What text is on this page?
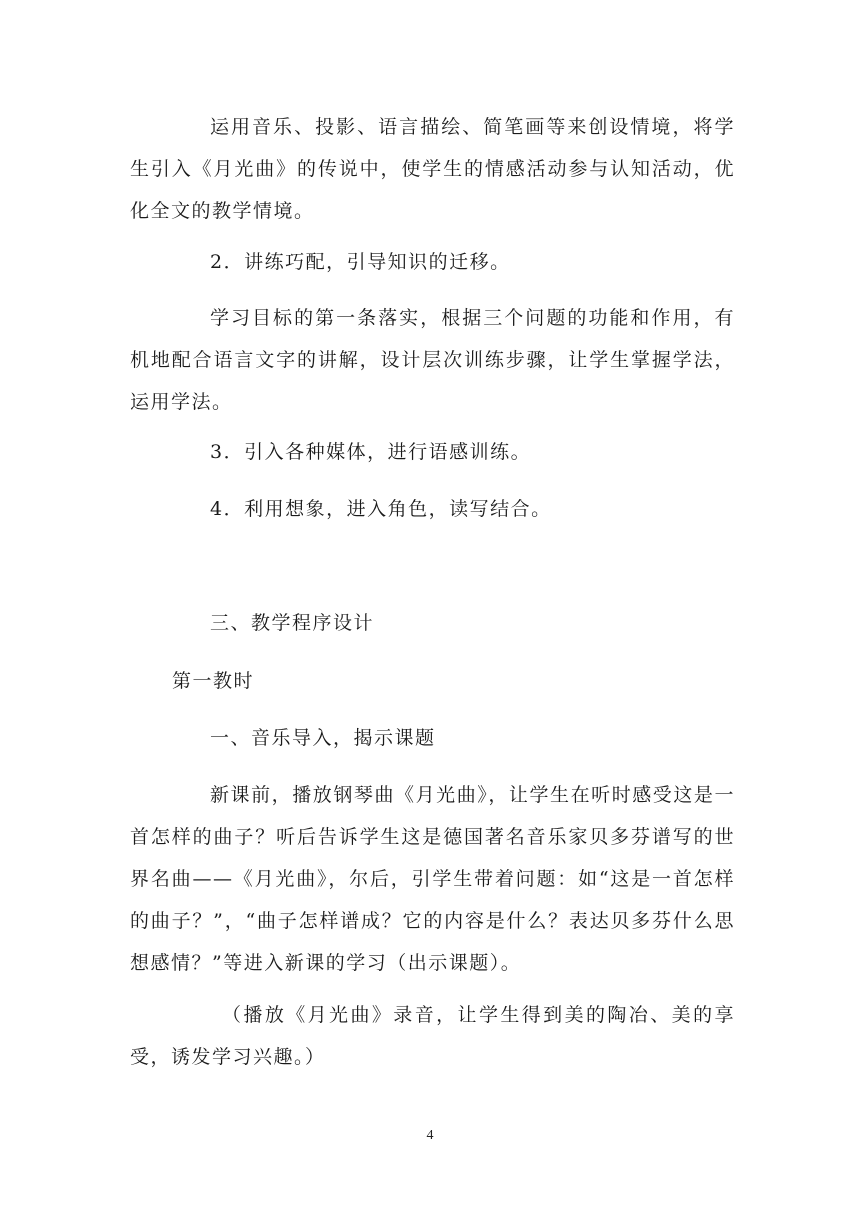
运用音乐、投影、语言描绘、简笔画等来创设情境，将学生引入《月光曲》的传说中，使学生的情感活动参与认知活动，优化全文的教学情境。

2．讲练巧配，引导知识的迁移。

学习目标的第一条落实，根据三个问题的功能和作用，有机地配合语言文字的讲解，设计层次训练步骤，让学生掌握学法，运用学法。

3．引入各种媒体，进行语感训练。

4．利用想象，进入角色，读写结合。

三、教学程序设计

第一教时

一、音乐导入，揭示课题

新课前，播放钢琴曲《月光曲》，让学生在听时感受这是一首怎样的曲子？听后告诉学生这是德国著名音乐家贝多芬谱写的世界名曲——《月光曲》，尔后，引学生带着问题：如“这是一首怎样的曲子？”，“曲子怎样谱成？它的内容是什么？表达贝多芬什么思想感情？”等进入新课的学习（出示课题）。

（播放《月光曲》录音，让学生得到美的陶冶、美的享受，诱发学习兴趣。）

4
